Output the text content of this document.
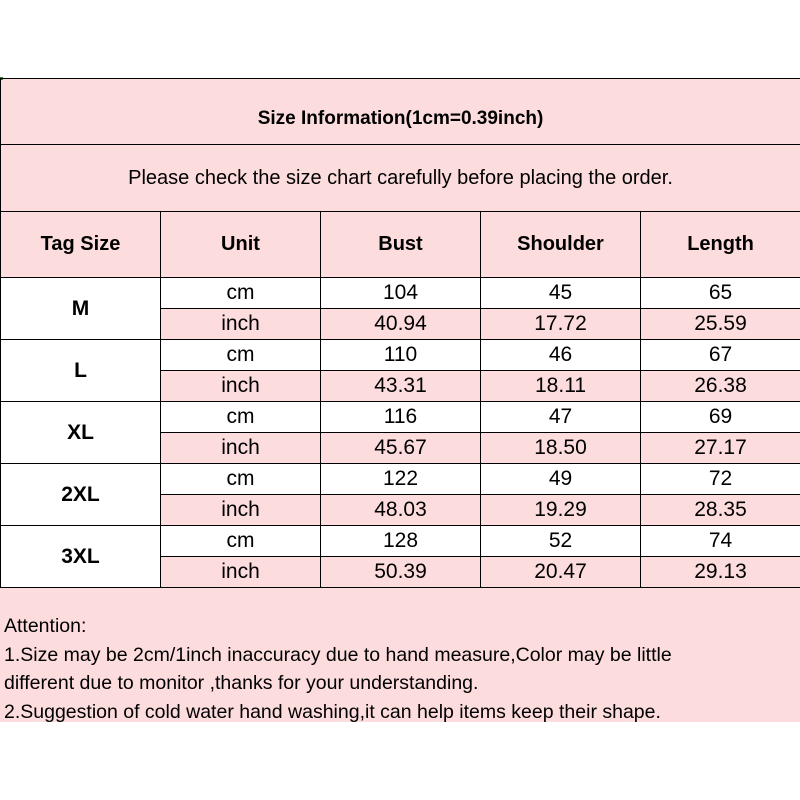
Size Information(1cm=0.39inch)				
Please check the size chart carefully before placing the order.				
Tag Size	Unit	Bust	Shoulder	Length
M	cm	104	45	65
	inch	40.94	17.72	25.59
L	cm	110	46	67
	inch	43.31	18.11	26.38
XL	cm	116	47	69
	inch	45.67	18.50	27.17
2XL	cm	122	49	72
	inch	48.03	19.29	28.35
3XL	cm	128	52	74
	inch	50.39	20.47	29.13
Attention:
1.Size may be 2cm/1inch inaccuracy due to hand measure,Color may be little
different due to monitor ,thanks for your understanding.
2.Suggestion of cold water hand washing,it can help items keep their shape.
